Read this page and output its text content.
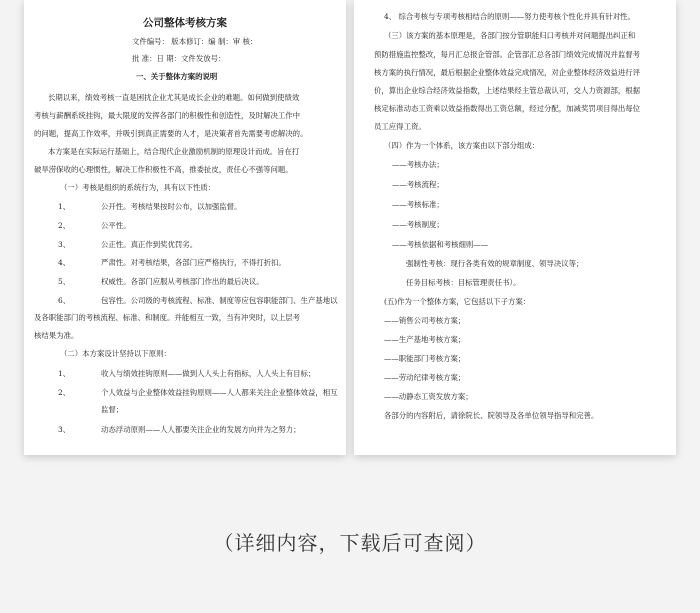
公司整体考核方案
文件编号： 版本修订：编 制：审 核：
批 准：日 期：文件发放号：
一、关于整体方案的说明
长期以来，绩效考核一直是困扰企业尤其是成长企业的难题。如何做到使绩效
考核与薪酬系统挂钩，最大限度的发挥各部门的积极性和创造性，及时解决工作中
的问题，提高工作效率，并吸引到真正需要的人才，是决策者首先需要考虑解决的。
本方案是在实际运行基础上，结合现代企业激励机制的原理设计而成。旨在打
破旱涝保收的心理惯性，解决工作积极性不高，推委扯皮，责任心不强等问题。
（一）考核是组织的系统行为，具有以下性质：
1、	公开性。考核结果按时公布，以加强监督。
2、	公平性。
3、	公正性。真正作到奖优罚劣。
4、	严肃性。对考核结果，各部门应严格执行，不得打折扣。
5、	权威性。各部门应服从考核部门作出的最后决议。
6、	包容性。公司级的考核流程、标准、制度等应包容职能部门、生产基地以
及各职能部门的考核流程、标准、和制度。并能相互一致，当有冲突时，以上层考
核结果为准。
（二）本方案设计坚持以下原则：
1、	收入与绩效挂钩原则——做到人人头上有指标，人人头上有目标；
2、	个人效益与企业整体效益挂钩原则——人人都来关注企业整体效益，相互
监督；
3、	动态浮动原则——人人都要关注企业的发展方向并为之努力；
4、 综合考核与专项考核相结合的原则——努力使考核个性化并具有针对性。
（三）该方案的基本原理是，各部门按分管职能归口考核并对问题提出纠正和
预防措施监控整改，每月汇总报企管部。企管部汇总各部门绩效完成情况并监督考
核方案的执行情况，最后根据企业整体效益完成情况，对企业整体经济效益进行评
价，算出企业综合经济效益指数，上述结果经主管总裁认可，交人力资源部，根据
核定标准动态工资乘以效益指数得出工资总额，经过分配，加减奖罚项目得出每位
员工应得工资。
（四）作为一个体系，该方案由以下部分组成：
——考核办法；
——考核流程；
——考核标准；
——考核制度；
——考核依据和考核细则——
强制性考核：现行各类有效的规章制度、领导决议等；
任务目标考核：目标管理责任书）。
(五)作为一个整体方案，它包括以下子方案：
——销售公司考核方案；
——生产基地考核方案；
——职能部门考核方案；
——劳动纪律考核方案；
——动静态工资发放方案；
各部分的内容附后，请徐院长、院领导及各单位领导指导和完善。
（详细内容，下载后可查阅）
